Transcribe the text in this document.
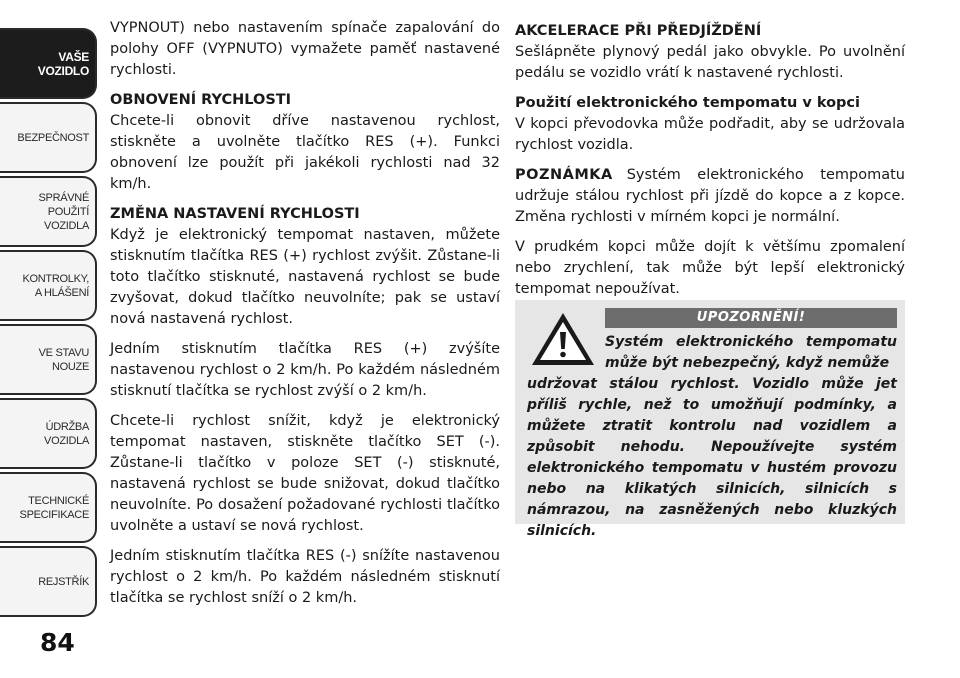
VAŠE
VOZIDLO
BEZPEČNOST
SPRÁVNÉ
POUŽITÍ
VOZIDLA
KONTROLKY,
A HLÁŠENÍ
VE STAVU
NOUZE
ÚDRŽBA
VOZIDLA
TECHNICKÉ
SPECIFIKACE
REJSTŘÍK
84

VYPNOUT) nebo nastavením spínače zapalování do polohy OFF (VYPNUTO) vymažete paměť nastavené rychlosti.

OBNOVENÍ RYCHLOSTI

Chcete-li obnovit dříve nastavenou rychlost, stiskněte a uvolněte tlačítko RES (+). Funkci obnovení lze použít při jakékoli rychlosti nad 32 km/h.

ZMĚNA NASTAVENÍ RYCHLOSTI

Když je elektronický tempomat nastaven, můžete stisknutím tlačítka RES (+) rychlost zvýšit. Zůstane-li toto tlačítko stisknuté, nastavená rychlost se bude zvyšovat, dokud tlačítko neuvolníte; pak se ustaví nová nastavená rychlost.

Jedním stisknutím tlačítka RES (+) zvýšíte nastavenou rychlost o 2 km/h. Po každém následném stisknutí tlačítka se rychlost zvýší o 2 km/h.

Chcete-li rychlost snížit, když je elektronický tempomat nastaven, stiskněte tlačítko SET (-). Zůstane-li tlačítko v poloze SET (-) stisknuté, nastavená rychlost se bude snižovat, dokud tlačítko neuvolníte. Po dosažení požadované rychlosti tlačítko uvolněte a ustaví se nová rychlost.

Jedním stisknutím tlačítka RES (-) snížíte nastavenou rychlost o 2 km/h. Po každém následném stisknutí tlačítka se rychlost sníží o 2 km/h.

AKCELERACE PŘI PŘEDJÍŽDĚNÍ

Sešlápněte plynový pedál jako obvykle. Po uvolnění pedálu se vozidlo vrátí k nastavené rychlosti.

Použití elektronického tempomatu v kopci

V kopci převodovka může podřadit, aby se udržovala rychlost vozidla.

POZNÁMKA Systém elektronického tempomatu udržuje stálou rychlost při jízdě do kopce a z kopce. Změna rychlosti v mírném kopci je normální.

V prudkém kopci může dojít k většímu zpomalení nebo zrychlení, tak může být lepší elektronický tempomat nepoužívat.

UPOZORNĚNÍ!
Systém elektronického tempomatu může být nebezpečný, když nemůže
udržovat stálou rychlost. Vozidlo může jet příliš rychle, než to umožňují podmínky, a můžete ztratit kontrolu nad vozidlem a způsobit nehodu. Nepoužívejte systém elektronického tempomatu v hustém provozu nebo na klikatých silnicích, silnicích s námrazou, na zasněžených nebo kluzkých silnicích.
